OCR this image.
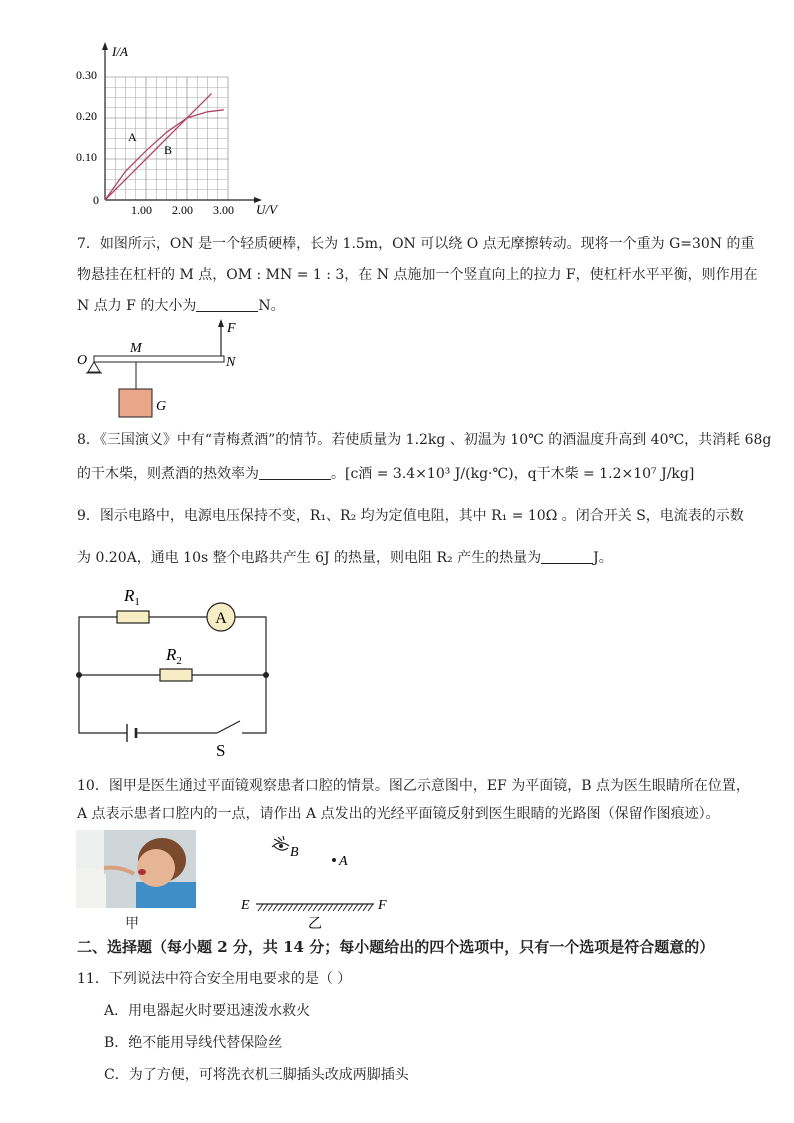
I/A
U/V
0.30
0.20
0.10
0
1.00 2.00 3.00
A
B
7．如图所示，ON 是一个轻质硬棒，长为 1.5m，ON 可以绕 O 点无摩擦转动。现将一个重为 G=30N 的重
物悬挂在杠杆的 M 点，OM : MN = 1 : 3，在 N 点施加一个竖直向上的拉力 F，使杠杆水平平衡，则作用在
N 点力 F 的大小为	N。
O
M
N
F
G
8．《三国演义》中有“青梅煮酒”的情节。若使质量为 1.2kg 、初温为 10℃ 的酒温度升高到 40℃，共消耗 68g
的干木柴，则煮酒的热效率为	。[c酒 = 3.4×10³ J/(kg·℃)，q干木柴 = 1.2×10⁷ J/kg]
9．图示电路中，电源电压保持不变，R₁、R₂ 均为定值电阻，其中 R₁ = 10Ω 。闭合开关 S，电流表的示数
为 0.20A，通电 10s 整个电路共产生 6J 的热量，则电阻 R₂ 产生的热量为	J。
A
$R_1$
$R_2$
S
10．图甲是医生通过平面镜观察患者口腔的情景。图乙示意图中，EF 为平面镜，B 点为医生眼睛所在位置，
A 点表示患者口腔内的一点，请作出 A 点发出的光经平面镜反射到医生眼睛的光路图（保留作图痕迹）。
甲
B
A
E	F
乙
二、选择题（每小题 2 分，共 14 分；每小题给出的四个选项中，只有一个选项是符合题意的）
11．下列说法中符合安全用电要求的是（ ）
A．用电器起火时要迅速泼水救火
B．绝不能用导线代替保险丝
C．为了方便，可将洗衣机三脚插头改成两脚插头
